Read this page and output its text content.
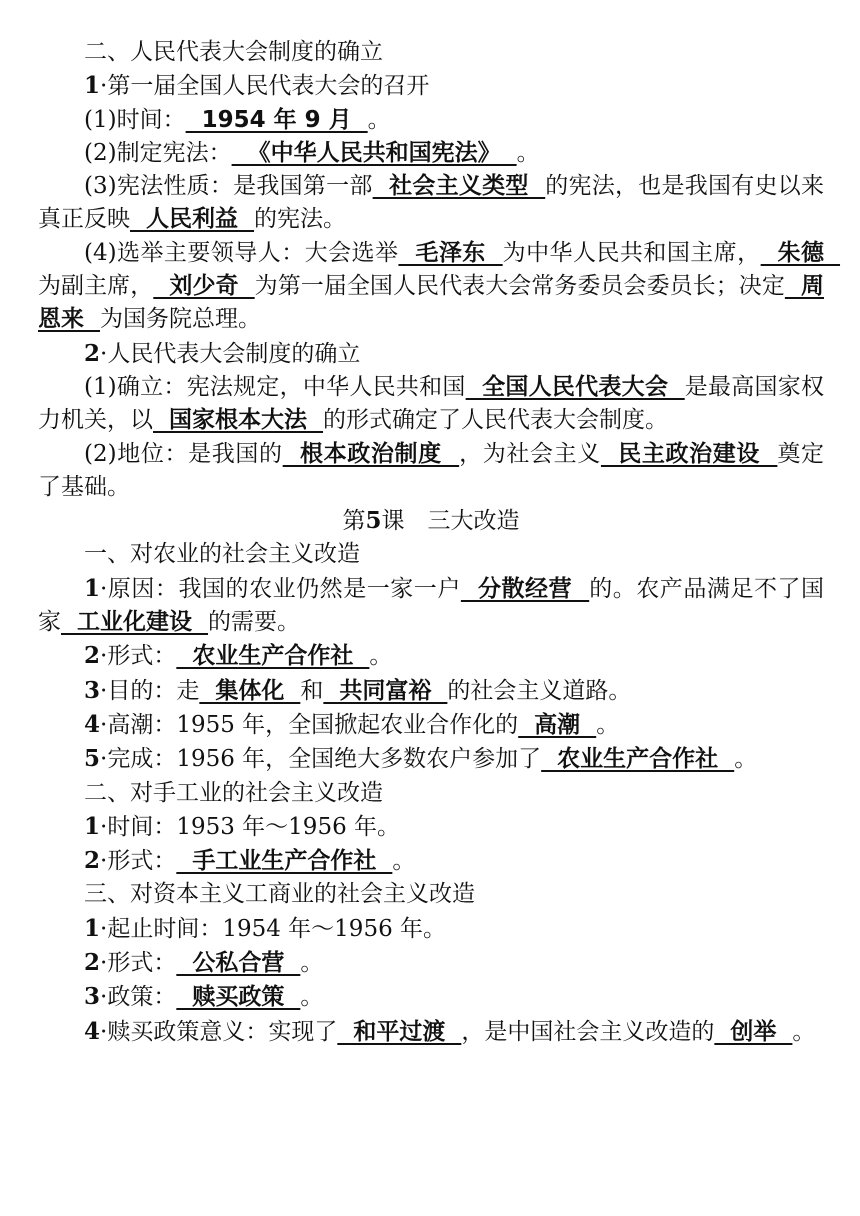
二、人民代表大会制度的确立

1·第一届全国人民代表大会的召开

(1)时间：  1954 年 9 月  。

(2)制定宪法：  《中华人民共和国宪法》  。

(3)宪法性质：是我国第一部  社会主义类型  的宪法，也是我国有史以来真正反映  人民利益  的宪法。

(4)选举主要领导人：大会选举  毛泽东  为中华人民共和国主席，  朱德  为副主席，  刘少奇  为第一届全国人民代表大会常务委员会委员长；决定  周恩来  为国务院总理。

2·人民代表大会制度的确立

(1)确立：宪法规定，中华人民共和国  全国人民代表大会  是最高国家权力机关，以  国家根本大法  的形式确定了人民代表大会制度。

(2)地位：是我国的  根本政治制度  ，为社会主义  民主政治建设  奠定了基础。

第5课　三大改造

一、对农业的社会主义改造

1·原因：我国的农业仍然是一家一户  分散经营  的。农产品满足不了国家  工业化建设  的需要。

2·形式：  农业生产合作社  。

3·目的：走  集体化  和  共同富裕  的社会主义道路。

4·高潮：1955 年，全国掀起农业合作化的  高潮  。

5·完成：1956 年，全国绝大多数农户参加了  农业生产合作社  。

二、对手工业的社会主义改造

1·时间：1953 年～1956 年。

2·形式：  手工业生产合作社  。

三、对资本主义工商业的社会主义改造

1·起止时间：1954 年～1956 年。

2·形式：  公私合营  。

3·政策：  赎买政策  。

4·赎买政策意义：实现了  和平过渡  ，是中国社会主义改造的  创举  。
